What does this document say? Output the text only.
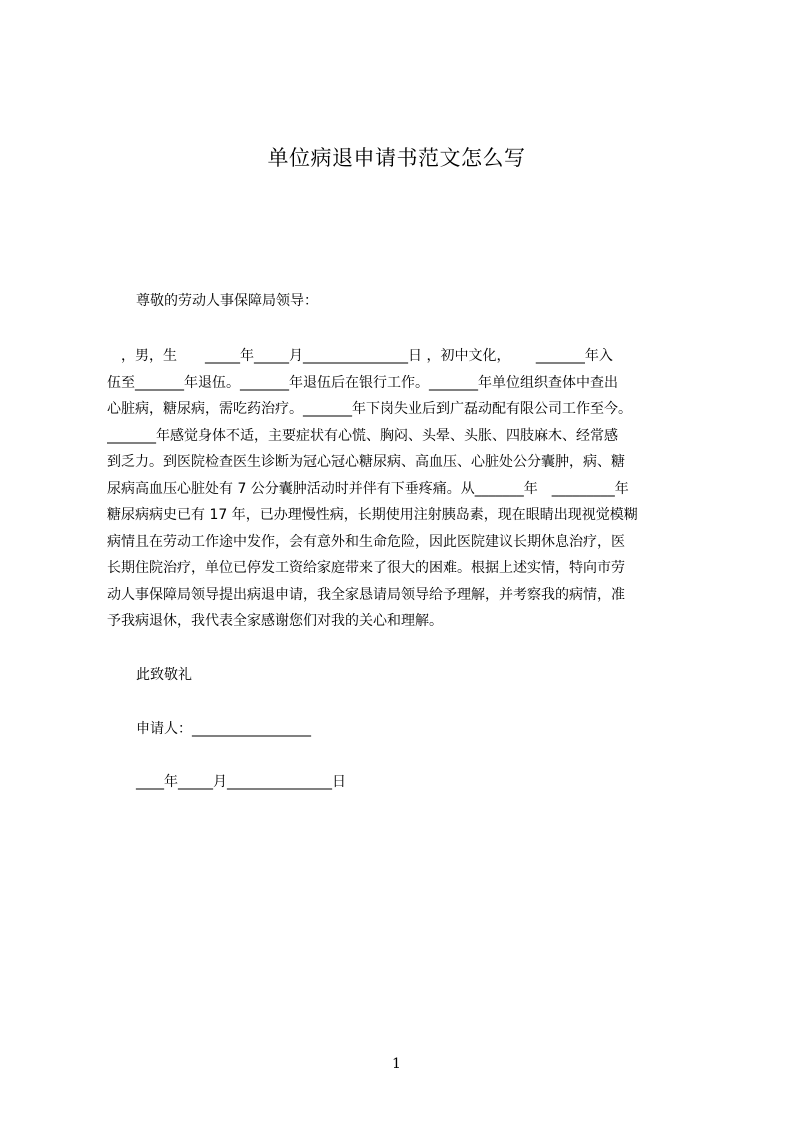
单位病退申请书范文怎么写
尊敬的劳动人事保障局领导：
　，男，生　　_____年_____月_______________日 ，初中文化，　　 _______年入
伍至_______年退伍。_______年退伍后在银行工作。_______年单位组织查体中查出
心脏病，糖尿病，需吃药治疗。_______年下岗失业后到广磊动配有限公司工作至今。
_______年感觉身体不适，主要症状有心慌、胸闷、头晕、头胀、四肢麻木、经常感
到乏力。到医院检查医生诊断为冠心冠心糖尿病、高血压、心脏处公分囊肿，病、糖
尿病高血压心脏处有 7 公分囊肿活动时并伴有下垂疼痛。从_______年　_________年
糖尿病病史已有 17 年，已办理慢性病，长期使用注射胰岛素，现在眼睛出现视觉模糊
病情且在劳动工作途中发作，会有意外和生命危险，因此医院建议长期休息治疗，医
长期住院治疗，单位已停发工资给家庭带来了很大的困难。根据上述实情，特向市劳
动人事保障局领导提出病退申请，我全家恳请局领导给予理解，并考察我的病情，准
予我病退休，我代表全家感谢您们对我的关心和理解。
此致敬礼
申请人：_________________
____年_____月_______________日
1
